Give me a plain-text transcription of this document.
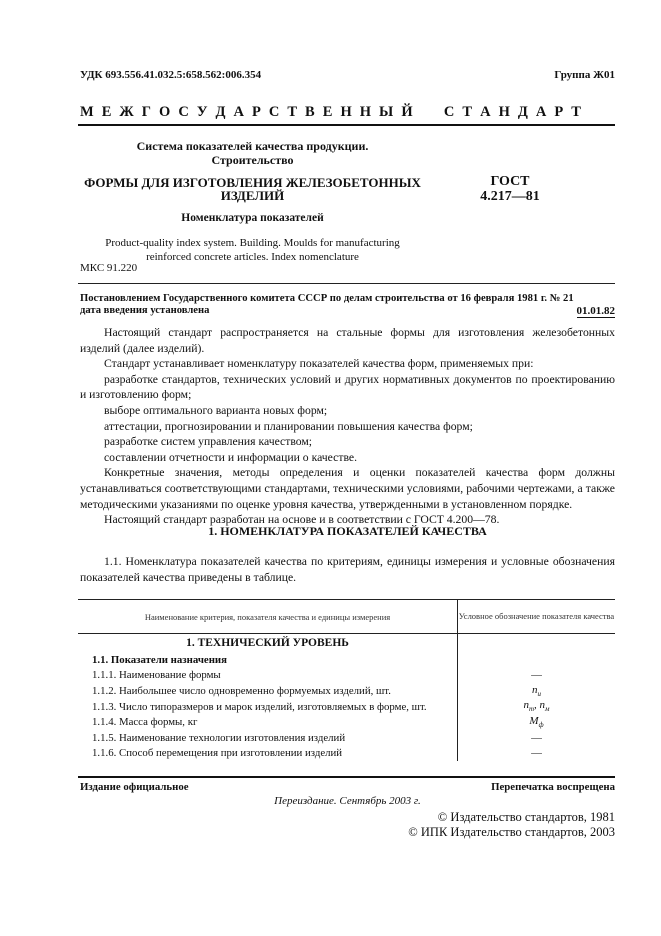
УДК 693.556.41.032.5:658.562:006.354	Группа Ж01
М Е Ж Г О С У Д А Р С Т В Е Н Н Ы Й     С Т А Н Д А Р Т
Система показателей качества продукции.
Строительство
ФОРМЫ ДЛЯ ИЗГОТОВЛЕНИЯ ЖЕЛЕЗОБЕТОННЫХ
ИЗДЕЛИЙ
ГОСТ
4.217—81
Номенклатура показателей
Product-quality index system. Building. Moulds for manufacturing
reinforced concrete articles. Index nomenclature
МКС 91.220
Постановлением Государственного комитета СССР по делам строительства от 16 февраля 1981 г. № 21
дата введения установлена	01.01.82

Настоящий стандарт распространяется на стальные формы для изготовления железобетонных изделий (далее изделий).

Стандарт устанавливает номенклатуру показателей качества форм, применяемых при:

разработке стандартов, технических условий и других нормативных документов по проектированию и изготовлению форм;

выборе оптимального варианта новых форм;

аттестации, прогнозировании и планировании повышения качества форм;

разработке систем управления качеством;

составлении отчетности и информации о качестве.

Конкретные значения, методы определения и оценки показателей качества форм должны устанавливаться соответствующими стандартами, техническими условиями, рабочими чертежами, а также методическими указаниями по оценке уровня качества, утвержденными в установленном порядке.

Настоящий стандарт разработан на основе и в соответствии с ГОСТ 4.200—78.

1. НОМЕНКЛАТУРА ПОКАЗАТЕЛЕЙ КАЧЕСТВА

1.1. Номенклатура показателей качества по критериям, единицы измерения и условные обозначения показателей качества приведены в таблице.

Наименование критерия, показателя качества и единицы измерения	Условное обозначение показателя качества
1. ТЕХНИЧЕСКИЙ УРОВЕНЬ	
1.1. Показатели назначения	
1.1.1. Наименование формы	—
1.1.2. Наибольшее число одновременно формуемых изделий, шт.	$n_и$
1.1.3. Число типоразмеров и марок изделий, изготовляемых в форме, шт.	$n_т$, $n_м$
1.1.4. Масса формы, кг	$M_ф$
1.1.5. Наименование технологии изготовления изделий	—
1.1.6. Способ перемещения при изготовлении изделий	—
Издание официальное	Перепечатка воспрещена
Переиздание. Сентябрь 2003 г.
© Издательство стандартов, 1981
© ИПК Издательство стандартов, 2003
